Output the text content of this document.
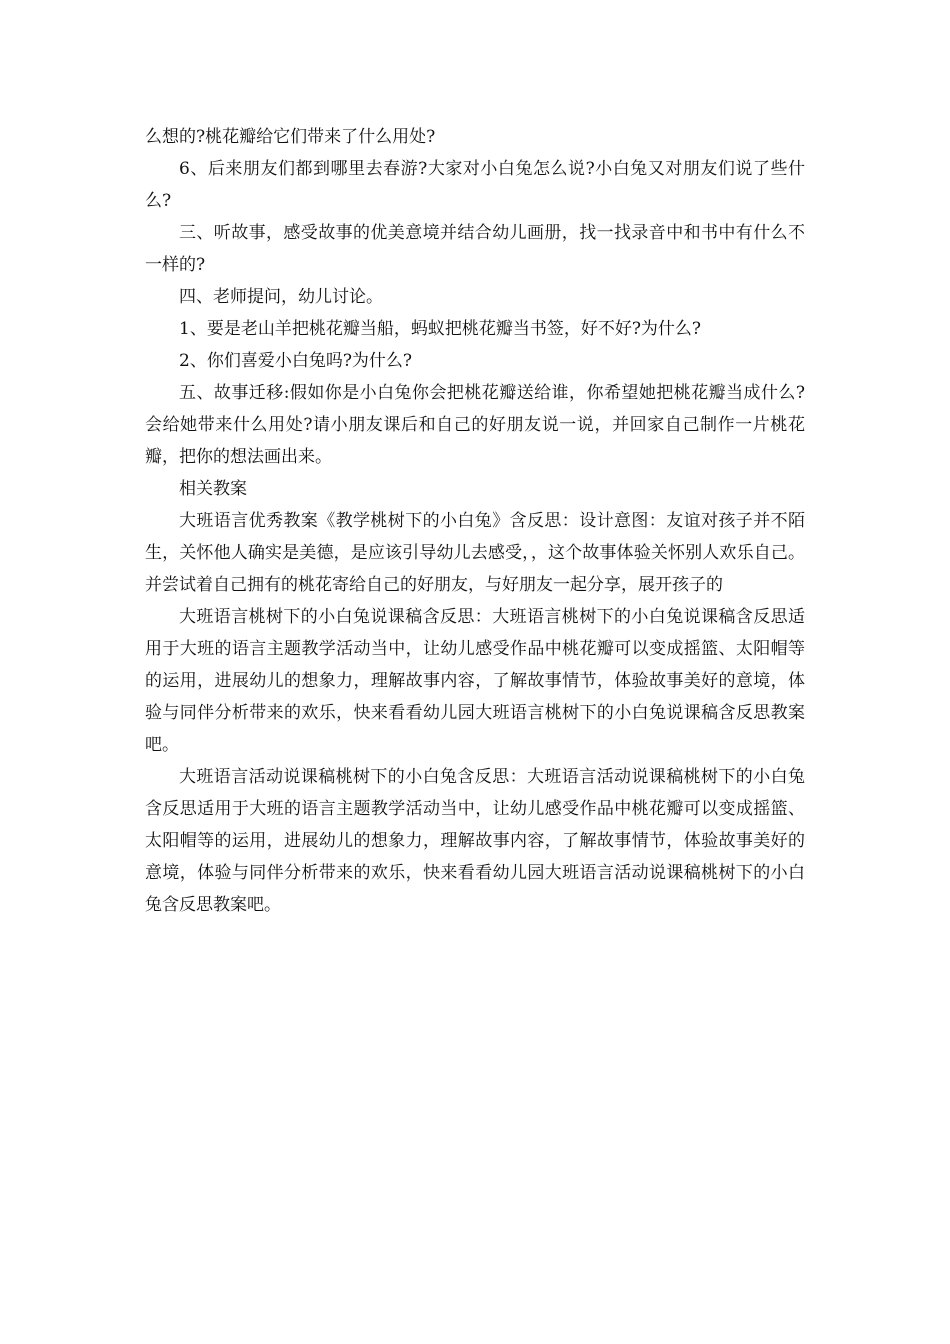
么想的?桃花瓣给它们带来了什么用处?

6、后来朋友们都到哪里去春游?大家对小白兔怎么说?小白兔又对朋友们说了些什么?

三、听故事，感受故事的优美意境并结合幼儿画册，找一找录音中和书中有什么不一样的?

四、老师提问，幼儿讨论。

1、要是老山羊把桃花瓣当船，蚂蚁把桃花瓣当书签，好不好?为什么?

2、你们喜爱小白兔吗?为什么?

五、故事迁移:假如你是小白兔你会把桃花瓣送给谁，你希望她把桃花瓣当成什么?会给她带来什么用处?请小朋友课后和自己的好朋友说一说，并回家自己制作一片桃花瓣，把你的想法画出来。

相关教案

大班语言优秀教案《教学桃树下的小白兔》含反思：设计意图：友谊对孩子并不陌生，关怀他人确实是美德，是应该引导幼儿去感受，，这个故事体验关怀别人欢乐自己。并尝试着自己拥有的桃花寄给自己的好朋友，与好朋友一起分享，展开孩子的

大班语言桃树下的小白兔说课稿含反思：大班语言桃树下的小白兔说课稿含反思适用于大班的语言主题教学活动当中，让幼儿感受作品中桃花瓣可以变成摇篮、太阳帽等的运用，进展幼儿的想象力，理解故事内容，了解故事情节，体验故事美好的意境，体验与同伴分析带来的欢乐，快来看看幼儿园大班语言桃树下的小白兔说课稿含反思教案吧。

大班语言活动说课稿桃树下的小白兔含反思：大班语言活动说课稿桃树下的小白兔含反思适用于大班的语言主题教学活动当中，让幼儿感受作品中桃花瓣可以变成摇篮、太阳帽等的运用，进展幼儿的想象力，理解故事内容，了解故事情节，体验故事美好的意境，体验与同伴分析带来的欢乐，快来看看幼儿园大班语言活动说课稿桃树下的小白兔含反思教案吧。
